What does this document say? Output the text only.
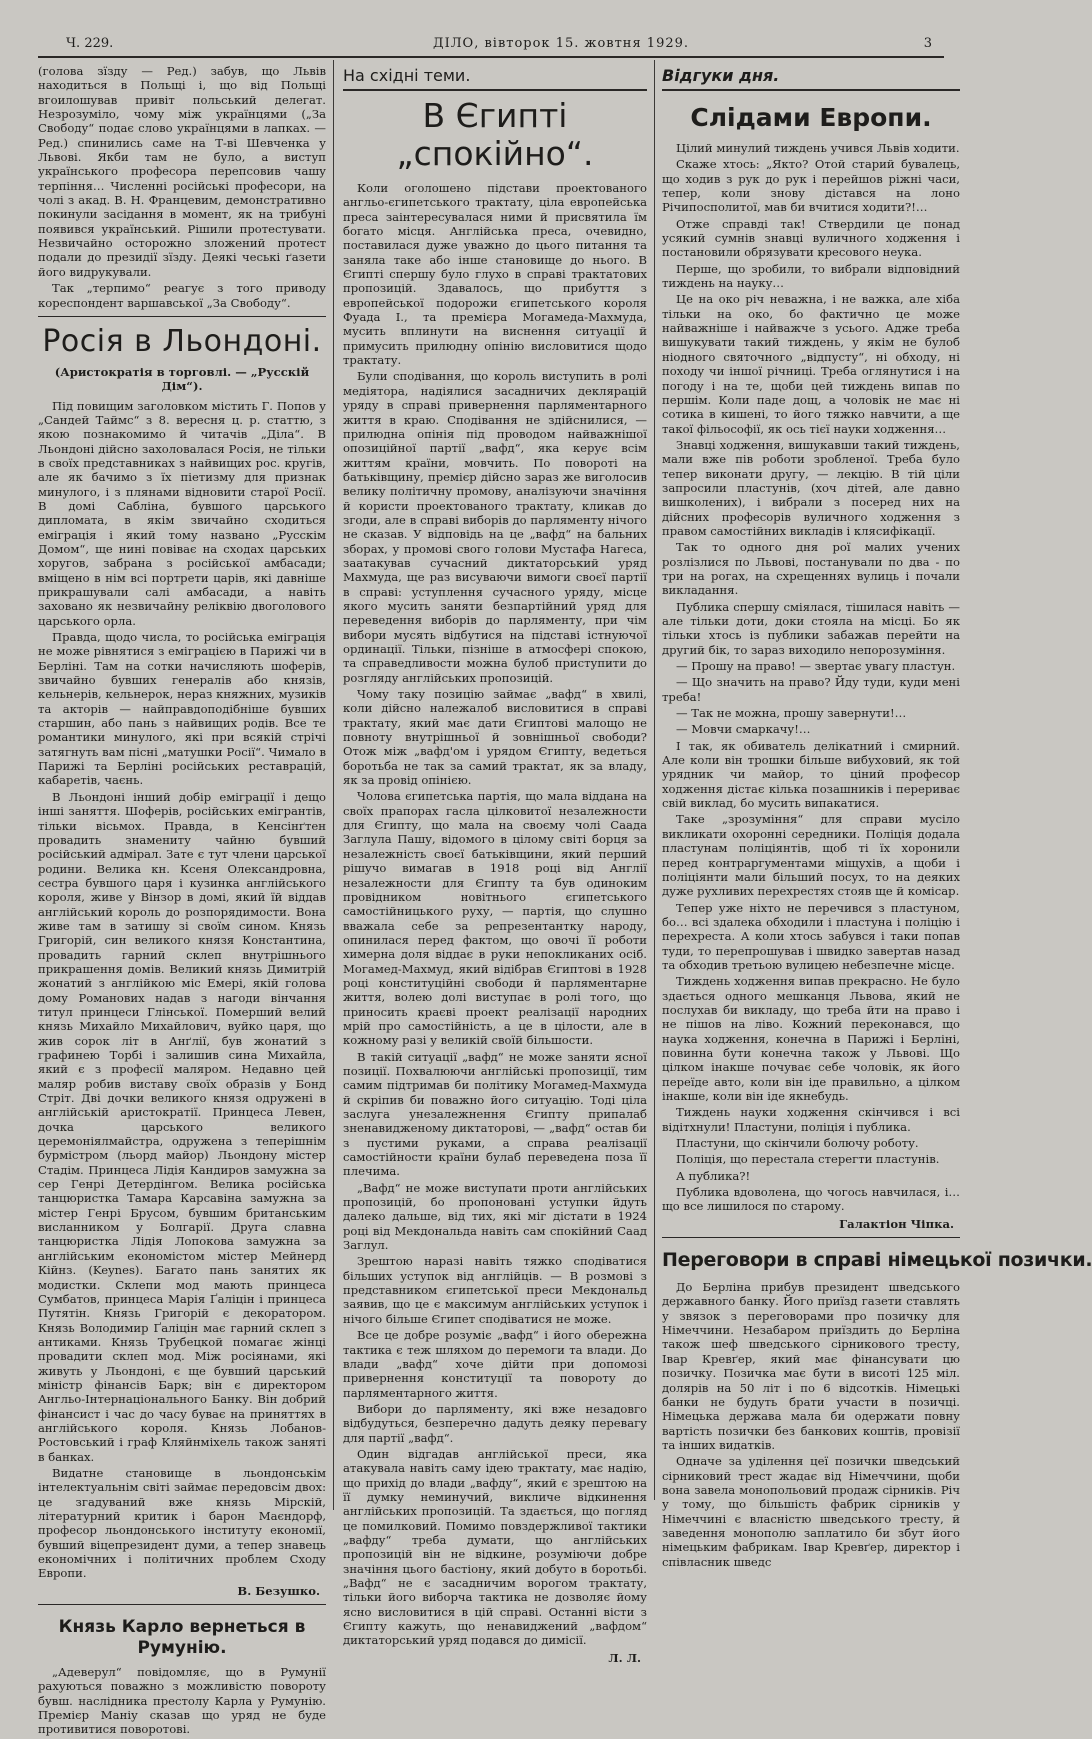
Ч. 229.	ДІЛО, вівторок 15. жовтня 1929.	3

(голова зїзду — Ред.) забув, що Львів находиться в Польщі і, що від Польщі вгоилошував привіт польський делегат. Незрозуміло, чому між українцями („За Свободу“ подає слово українцями в лапках. — Ред.) спинились саме на Т-ві Шевченка у Львові. Якби там не було, а виступ українського професора перепсовив чашу терпіння… Численні російські професори, на чолі з акад. В. Н. Францевим, демонстративно покинули засідання в момент, як на трибуні появився український. Рішили протестувати. Незвичайно осторожно зложений протест подали до президії зїзду. Деякі чеські ґазети його видрукували.

Так „терпимо“ реагує з того приводу кореспондент варшавської „За Свободу“.

Росія в Льондоні.
(Аристократія в торговлі. — „Русскій Дім“).

Під повищим заголовком містить Г. Попов у „Сандей Таймс“ з 8. вересня ц. р. статтю, з якою познакомимо й читачів „Діла“. В Льондоні дійсно захоловалася Росія, не тільки в своїх представниках з найвищих рос. кругів, але як бачимо з їх піетизму для признак минулого, і з плянами відновити старої Росії. В домі Сабліна, бувшого царського дипломата, в якім звичайно сходиться еміграція і який тому названо „Русскім Домом“, ще нині повіває на сходах царських хоругов, забрана з російської амбасади; вміщено в нім всі портрети царів, які давніше прикрашували салі амбасади, а навіть заховано як незвичайну реліквію двоголового царського орла.

Правда, щодо числа, то російська еміграція не може рівнятися з еміграцією в Парижі чи в Берліні. Там на сотки начисляють шоферів, звичайно бувших генералів або князів, кельнерів, кельнерок, нераз княжних, музиків та акторів — найправдоподібніше бувших старшин, або пань з найвищих родів. Все те романтики минулого, які при всякій стрічі затягнуть вам пісні „матушки Росії“. Чимало в Парижі та Берліні російських реставрацій, кабаретів, чаєнь.

В Льондоні інший добір еміграції і дещо інші заняття. Шоферів, російських емігрантів, тільки вісьмох. Правда, в Кенсінґтен провадить знамениту чайню бувший російський адмірал. Зате є тут члени царської родини. Велика кн. Ксеня Олександровна, сестра бувшого царя і кузинка англійського короля, живе у Вінзор в домі, який їй віддав англійський король до розпорядимости. Вона живе там в затишу зі своїм сином. Князь Григорій, син великого князя Константина, провадить гарний склеп внутрішнього прикрашення домів. Великий князь Димитрій жонатий з англійкою міс Емері, якій голова дому Романових надав з нагоди вінчання титул принцеси Глінської. Померший велий князь Михайло Михайлович, вуйко царя, що жив сорок літ в Анґлії, був жонатий з графинею Торбі і залишив сина Михайла, який є з професії маляром. Недавно цей маляр робив виставу своїх образів у Бонд Стріт. Дві дочки великого князя одружені в англійській аристократії. Принцеса Левен, дочка царського великого церемоніялмайстра, одружена з теперішнім бурмістром (льорд майор) Льондону містер Стадім. Принцеса Лідія Кандиров замужна за сер Генрі Детердінгом. Велика російська танцюристка Тамара Карсавіна замужна за містер Генрі Брусом, бувшим британським висланником у Болгарії. Друга славна танцюристка Лідія Лопокова замужна за англійським економістом містер Мейнерд Кійнз. (Keynes). Багато пань занятих як модистки. Склепи мод мають принцеса Сумбатов, принцеса Марія Ґаліцін і принцеса Путятін. Князь Григорій є декоратором. Князь Володимир Ґаліцін має гарний склеп з антиками. Князь Трубецкой помагає жінці провадити склеп мод. Між росіянами, які живуть у Льондоні, є ще бувший царський міністр фінансів Барк; він є директором Англьо-Інтернаціонального Банку. Він добрий фінансист і час до часу буває на приняттях в англійського короля. Князь Лобанов-Ростовський і граф Кляйнміхель також заняті в банках.

Видатне становище в льондонськім інтелектуальнім світі займає передовсім двох: це згадуваний вже князь Мірскій, літературний критик і барон Маєндорф, професор льондонського інституту економії, бувший віцепрезидент думи, а тепер знавець економічних і політичних проблем Сходу Европи.

В. Безушко.
Князь Карло вернеться в Румунію.

„Адеверул“ повідомляє, що в Румунії рахуються поважно з можливістю повороту бувш. наслідника престолу Карла у Румунію. Премієр Маніу сказав що уряд не буде противитися поворотові.

На східні теми.
В Єгипті „спокійно“.

Коли оголошено підстави проектованого англьо-єгипетського трактату, ціла европейська преса заінтересувалася ними й присвятила їм богато місця. Англійська преса, очевидно, поставилася дуже уважно до цього питання та заняла таке або інше становище до нього. В Єгипті спершу було глухо в справі трактатових пропозицій. Здавалось, що прибуття з европейської подорожи єгипетського короля Фуада І., та премієра Могамеда-Махмуда, мусить вплинути на виснення ситуації й примусить прилюдну опінію висловитися щодо трактату.

Були сподівання, що король виступить в ролі медіятора, надіялися засадничих деклярацій уряду в справі привернення парляментарного життя в краю. Сподівання не здійснилися, — прилюдна опінія під проводом найважнішої опозиційної партії „вафд“, яка керує всім життям країни, мовчить. По повороті на батьківщину, премієр дійсно зараз же виголосив велику політичну промову, аналізуючи значіння й користи проектованого трактату, кликав до згоди, але в справі виборів до парляменту нічого не сказав. У відповідь на це „вафд“ на бальних зборах, у промові свого голови Мустафа Нагеса, заатакував сучасний диктаторський уряд Махмуда, ще раз висуваючи вимоги своєї партії в справі: уступлення сучасного уряду, місце якого мусить заняти безпартійний уряд для переведення виборів до парляменту, при чім вибори мусять відбутися на підставі істнуючої ординації. Тільки, пізніше в атмосфері спокою, та справедливости можна булоб приступити до розгляду англійських пропозицій.

Чому таку позицію займає „вафд“ в хвилі, коли дійсно належалоб висловитися в справі трактату, який має дати Єгиптові малощо не повноту внутрішньої й зовнішньої свободи? Отож між „вафд'ом і урядом Єгипту, ведеться боротьба не так за самий трактат, як за владу, як за провід опінією.

Чолова єгипетська партія, що мала віддана на своїх прапорах гасла цілковитої незалежности для Єгипту, що мала на своєму чолі Саада Заглула Пашу, відомого в цілому світі борця за незалежність своєї батьківщини, який перший рішучо вимагав в 1918 році від Англії незалежности для Єгипту та був одиноким провідником новітнього єгипетського самостійницького руху, — партія, що слушно вважала себе за репрезентантку народу, опинилася перед фактом, що овочі її роботи химерна доля віддає в руки непокликаних осіб. Могамед-Махмуд, який відібрав Єгиптові в 1928 році конституційні свободи й парляментарне життя, волею долі виступає в ролі того, що приносить краєві проект реалізації народних мрій про самостійність, а це в цілости, але в кожному разі у великій своїй більшости.

В такій ситуації „вафд“ не може заняти ясної позиції. Похвалюючи англійські пропозиції, тим самим підтримав би політику Могамед-Махмуда й скріпив би поважно його ситуацію. Тоді ціла заслуга унезалежнення Єгипту припалаб зненавидженому диктаторові, — „вафд“ остав би з пустими руками, а справа реалізації самостійности країни булаб переведена поза її плечима.

„Вафд“ не може виступати проти англійських пропозицій, бо пропоновані уступки йдуть далеко дальше, від тих, які міг дістати в 1924 році від Мекдональда навіть сам спокійний Саад Заглул.

Зрештою наразі навіть тяжко сподіватися більших уступок від англійців. — В розмові з представником єгипетської преси Мекдональд заявив, що це є максимум англійських уступок і нічого більше Єгипет сподіватися не може.

Все це добре розуміє „вафд“ і його обережна тактика є теж шляхом до перемоги та влади. До влади „вафд“ хоче дійти при допомозі привернення конституції та повороту до парляментарного життя.

Вибори до парляменту, які вже незадовго відбудуться, безперечно дадуть деяку перевагу для партії „вафд“.

Один відгадав англійської преси, яка атакувала навіть саму ідею трактату, має надію, що прихід до влади „вафду“, який є зрештою на її думку неминучий, викличе відкинення англійських пропозицій. Та здається, що погляд це помилковий. Помимо повздержливої тактики „вафду“ треба думати, що англійських пропозицій він не відкине, розуміючи добре значіння цього бастіону, який добуто в боротьбі. „Вафд“ не є засадничим ворогом трактату, тільки його виборча тактика не дозволяє йому ясно висловитися в цій справі. Останні вісти з Єгипту кажуть, що ненавиджений „вафдом“ диктаторський уряд подався до димісії.

Л. Л.
Відгуки дня.
Слідами Европи.

Цілий минулий тиждень учився Львів ходити.

Скаже хтось: „Якто? Отой старий бувалець, що ходив з рук до рук і перейшов ріжні часи, тепер, коли знову дістався на лоно Річипосполитої, мав би вчитися ходити?!…

Отже справді так! Ствердили це понад усякий сумнів знавці вуличного ходження і постановили обрязувати кресового неука.

Перше, що зробили, то вибрали відповідний тиждень на науку…

Це на око річ неважна, і не важка, але хіба тільки на око, бо фактично це може найважніше і найважче з усього. Адже треба вишукувати такий тиждень, у якім не булоб ніодного святочного „відпусту“, ні обходу, ні походу чи іншої річниці. Треба оглянутися і на погоду і на те, щоби цей тиждень випав по першім. Коли паде дощ, а чоловік не має ні сотика в кишені, то його тяжко навчити, а ще такої фільософії, як ось тієї науки ходження…

Знавці ходження, вишукавши такий тиждень, мали вже пів роботи зробленої. Треба було тепер виконати другу, — лекцію. В тій ціли запросили пластунів, (хоч дітей, але давно вишколених), і вибрали з посеред них на дійсних професорів вуличного ходження з правом самостійних викладів і клясифікації.

Так то одного дня рої малих учених розлізлися по Львові, постанували по два - по три на рогах, на схрещеннях вулиць і почали викладання.

Публика спершу сміялася, тішилася навіть — але тільки доти, доки стояла на місці. Бо як тільки хтось із публики забажав перейти на другий бік, то зараз виходило непорозуміння.

— Прошу на право! — звертає увагу пластун.

— Що значить на право? Йду туди, куди мені треба!

— Так не можна, прошу завернути!…

— Мовчи смаркачу!…

І так, як обиватель делікатний і смирний. Але коли він трошки більше вибуховий, як той урядник чи майор, то ціний професор ходження дістає кілька позашників і перериває свій виклад, бо мусить випакатися.

Таке „зрозуміння“ для справи мусіло викликати охоронні середники. Поліція додала пластунам поліціянтів, щоб ті їх хоронили перед контраргументами міщухів, а щоби і поліціянти мали більший посух, то на деяких дуже рухливих перехрестях стояв ще й комісар.

Тепер уже ніхто не перечився з пластуном, бо… всі здалека обходили і пластуна і поліцію і перехреста. А коли хтось забувся і таки попав туди, то перепрошував і швидко завертав назад та обходив третьою вулицею небезпечне місце.

Тиждень ходження випав прекрасно. Не було здається одного мешканця Львова, який не послухав би викладу, що треба йти на право і не пішов на ліво. Кожний переконався, що наука ходження, конечна в Парижі і Берліні, повинна бути конечна також у Львові. Що цілком інакше почуває себе чоловік, як його переїде авто, коли він іде правильно, а цілком інакше, коли він іде якнебудь.

Тиждень науки ходження скінчився і всі відітхнули! Пластуни, поліція і публика.

Пластуни, що скінчили болючу роботу.

Поліція, що перестала стерегти пластунів.

А публика?!

Публика вдоволена, що чогось навчилася, і… що все лишилося по старому.

Галактіон Чіпка.
Переговори в справі німецької позички.

До Берліна прибув президент шведського державного банку. Його приїзд газети ставлять у звязок з переговорами про позичку для Німеччини. Незабаром приїздить до Берліна також шеф шведського сірникового тресту, Івар Кревґер, який має фінансувати цю позичку. Позичка має бути в висоті 125 міл. долярів на 50 літ і по 6 відсотків. Німецькі банки не будуть брати участи в позичці. Німецька держава мала би одержати повну вартість позички без банкових коштів, провізії та інших видатків.

Одначе за уділення цеї позички шведський сірниковий трест жадає від Німеччини, щоби вона завела монопольовий продаж сірників. Річ у тому, що більшість фабрик сірників у Німеччині є власністю шведського тресту, й заведення монополю заплатило би збут його німецьким фабрикам. Івар Кревґер, директор і співласник шведс
